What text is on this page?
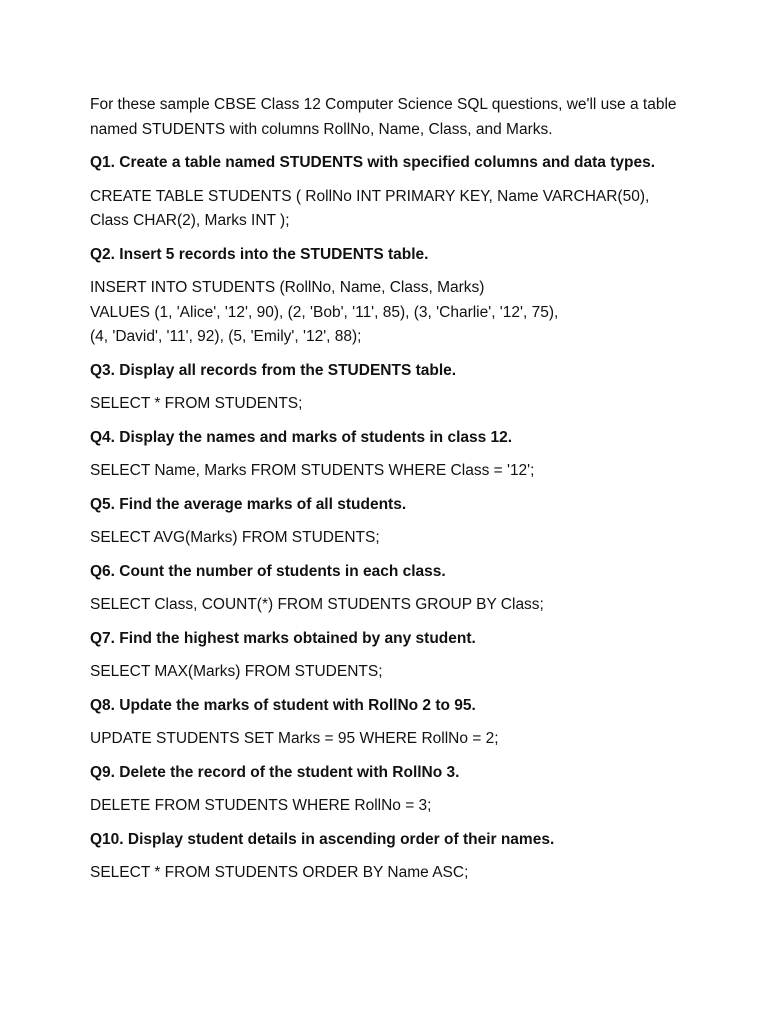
For these sample CBSE Class 12 Computer Science SQL questions, we'll use a table
named STUDENTS with columns RollNo, Name, Class, and Marks.

Q1. Create a table named STUDENTS with specified columns and data types.

CREATE TABLE STUDENTS ( RollNo INT PRIMARY KEY, Name VARCHAR(50),
Class CHAR(2), Marks INT );

Q2. Insert 5 records into the STUDENTS table.

INSERT INTO STUDENTS (RollNo, Name, Class, Marks)
VALUES (1, 'Alice', '12', 90), (2, 'Bob', '11', 85), (3, 'Charlie', '12', 75),
(4, 'David', '11', 92), (5, 'Emily', '12', 88);

Q3. Display all records from the STUDENTS table.

SELECT * FROM STUDENTS;

Q4. Display the names and marks of students in class 12.

SELECT Name, Marks FROM STUDENTS WHERE Class = '12';

Q5. Find the average marks of all students.

SELECT AVG(Marks) FROM STUDENTS;

Q6. Count the number of students in each class.

SELECT Class, COUNT(*) FROM STUDENTS GROUP BY Class;

Q7. Find the highest marks obtained by any student.

SELECT MAX(Marks) FROM STUDENTS;

Q8. Update the marks of student with RollNo 2 to 95.

UPDATE STUDENTS SET Marks = 95 WHERE RollNo = 2;

Q9. Delete the record of the student with RollNo 3.

DELETE FROM STUDENTS WHERE RollNo = 3;

Q10. Display student details in ascending order of their names.

SELECT * FROM STUDENTS ORDER BY Name ASC;
